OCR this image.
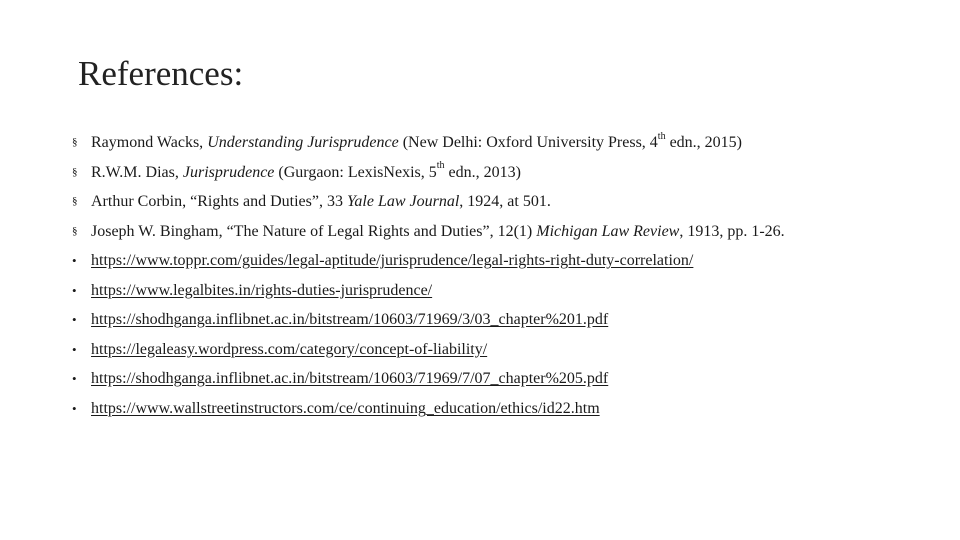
References:
§ Raymond Wacks, Understanding Jurisprudence (New Delhi: Oxford University Press, 4th edn., 2015)
§ R.W.M. Dias, Jurisprudence (Gurgaon: LexisNexis, 5th edn., 2013)
§ Arthur Corbin, “Rights and Duties”, 33 Yale Law Journal, 1924, at 501.
§ Joseph W. Bingham, “The Nature of Legal Rights and Duties”, 12(1) Michigan Law Review, 1913, pp. 1-26.
• https://www.toppr.com/guides/legal-aptitude/jurisprudence/legal-rights-right-duty-correlation/
• https://www.legalbites.in/rights-duties-jurisprudence/
• https://shodhganga.inflibnet.ac.in/bitstream/10603/71969/3/03_chapter%201.pdf
• https://legaleasy.wordpress.com/category/concept-of-liability/
• https://shodhganga.inflibnet.ac.in/bitstream/10603/71969/7/07_chapter%205.pdf
• https://www.wallstreetinstructors.com/ce/continuing_education/ethics/id22.htm
